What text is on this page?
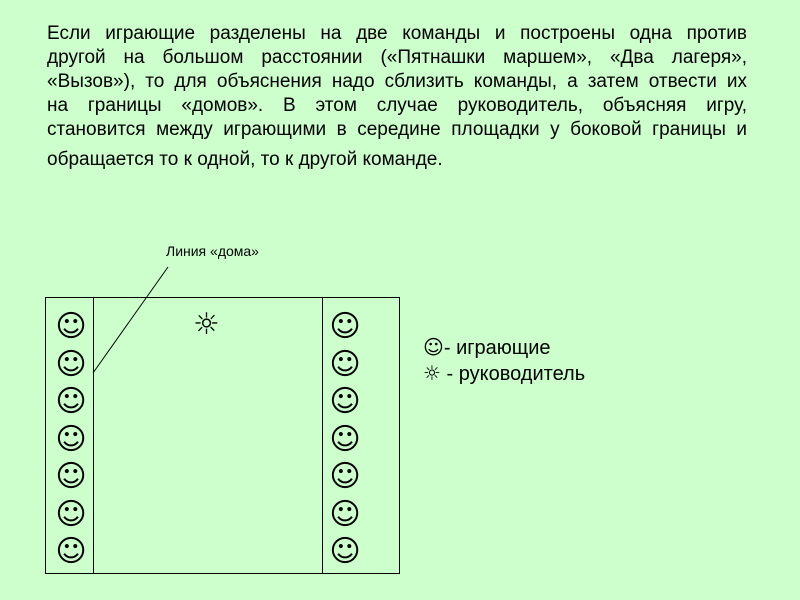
Если играющие разделены на две команды и построены одна против
другой на большом расстоянии («Пятнашки маршем», «Два лагеря»,
«Вызов»), то для объяснения надо сблизить команды, а затем отвести их
на границы «домов». В этом случае руководитель, объясняя игру,
становится между играющими в середине площадки у боковой границы и
обращается то к одной, то к другой команде.

Линия «дома»
☺
☺
☺
☺
☺
☺
☺
☺
☺
☺
☺
☺
☺
☺
☼
☺- играющие
☼ - руководитель
